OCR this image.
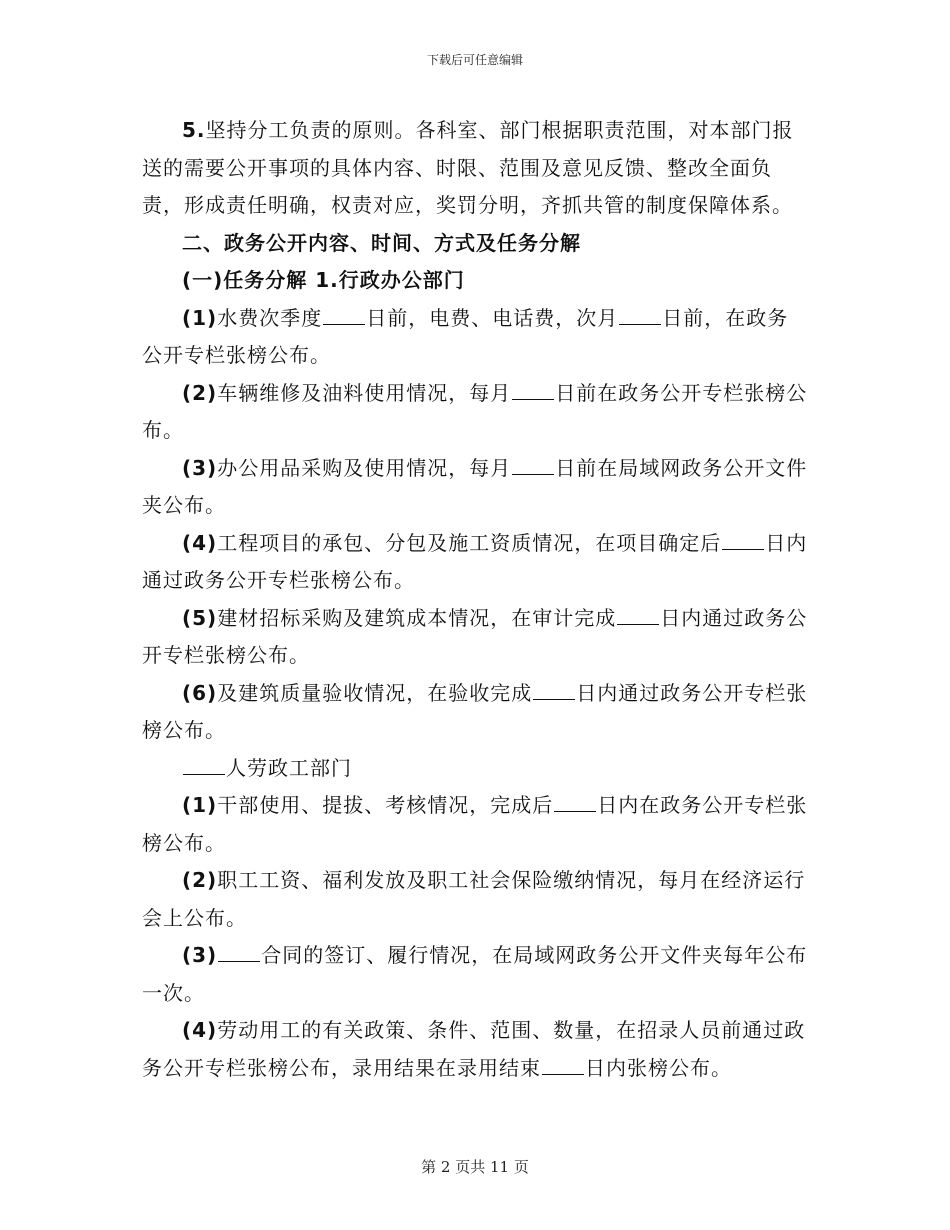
下载后可任意编辑

5.坚持分工负责的原则。各科室、部门根据职责范围，对本部门报送的需要公开事项的具体内容、时限、范围及意见反馈、整改全面负责，形成责任明确，权责对应，奖罚分明，齐抓共管的制度保障体系。

二、政务公开内容、时间、方式及任务分解

(一)任务分解 1.行政办公部门

(1)水费次季度 日前，电费、电话费，次月 日前，在政务公开专栏张榜公布。

(2)车辆维修及油料使用情况，每月 日前在政务公开专栏张榜公布。

(3)办公用品采购及使用情况，每月 日前在局域网政务公开文件夹公布。

(4)工程项目的承包、分包及施工资质情况，在项目确定后 日内通过政务公开专栏张榜公布。

(5)建材招标采购及建筑成本情况，在审计完成 日内通过政务公开专栏张榜公布。

(6)及建筑质量验收情况，在验收完成 日内通过政务公开专栏张榜公布。

人劳政工部门

(1)干部使用、提拔、考核情况，完成后 日内在政务公开专栏张榜公布。

(2)职工工资、福利发放及职工社会保险缴纳情况，每月在经济运行会上公布。

(3) 合同的签订、履行情况，在局域网政务公开文件夹每年公布一次。

(4)劳动用工的有关政策、条件、范围、数量，在招录人员前通过政务公开专栏张榜公布，录用结果在录用结束 日内张榜公布。

第 2 页共 11 页
